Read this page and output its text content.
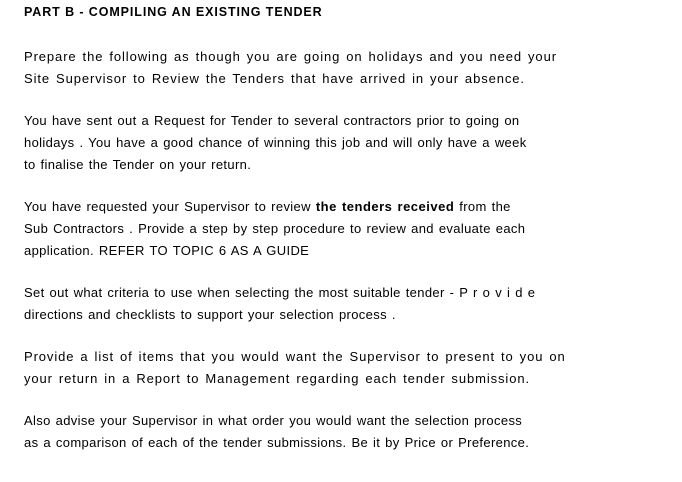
PART B - COMPILING AN EXISTING TENDER

Prepare the following as though you are going on holidays and you need your
Site Supervisor to Review the Tenders that have arrived in your absence.

You have sent out a Request for Tender to several contractors prior to going on
holidays . You have a good chance of winning this job and will only have a week
to finalise the Tender on your return.

You have requested your Supervisor to review the tenders received from the
Sub Contractors . Provide a step by step procedure to review and evaluate each
application. REFER TO TOPIC 6 AS A GUIDE

Set out what criteria to use when selecting the most suitable tender - P r o v i d e
directions and checklists to support your selection process .

Provide a list of items that you would want the Supervisor to present to you on
your return in a Report to Management regarding each tender submission.

Also advise your Supervisor in what order you would want the selection process
as a comparison of each of the tender submissions. Be it by Price or Preference.
